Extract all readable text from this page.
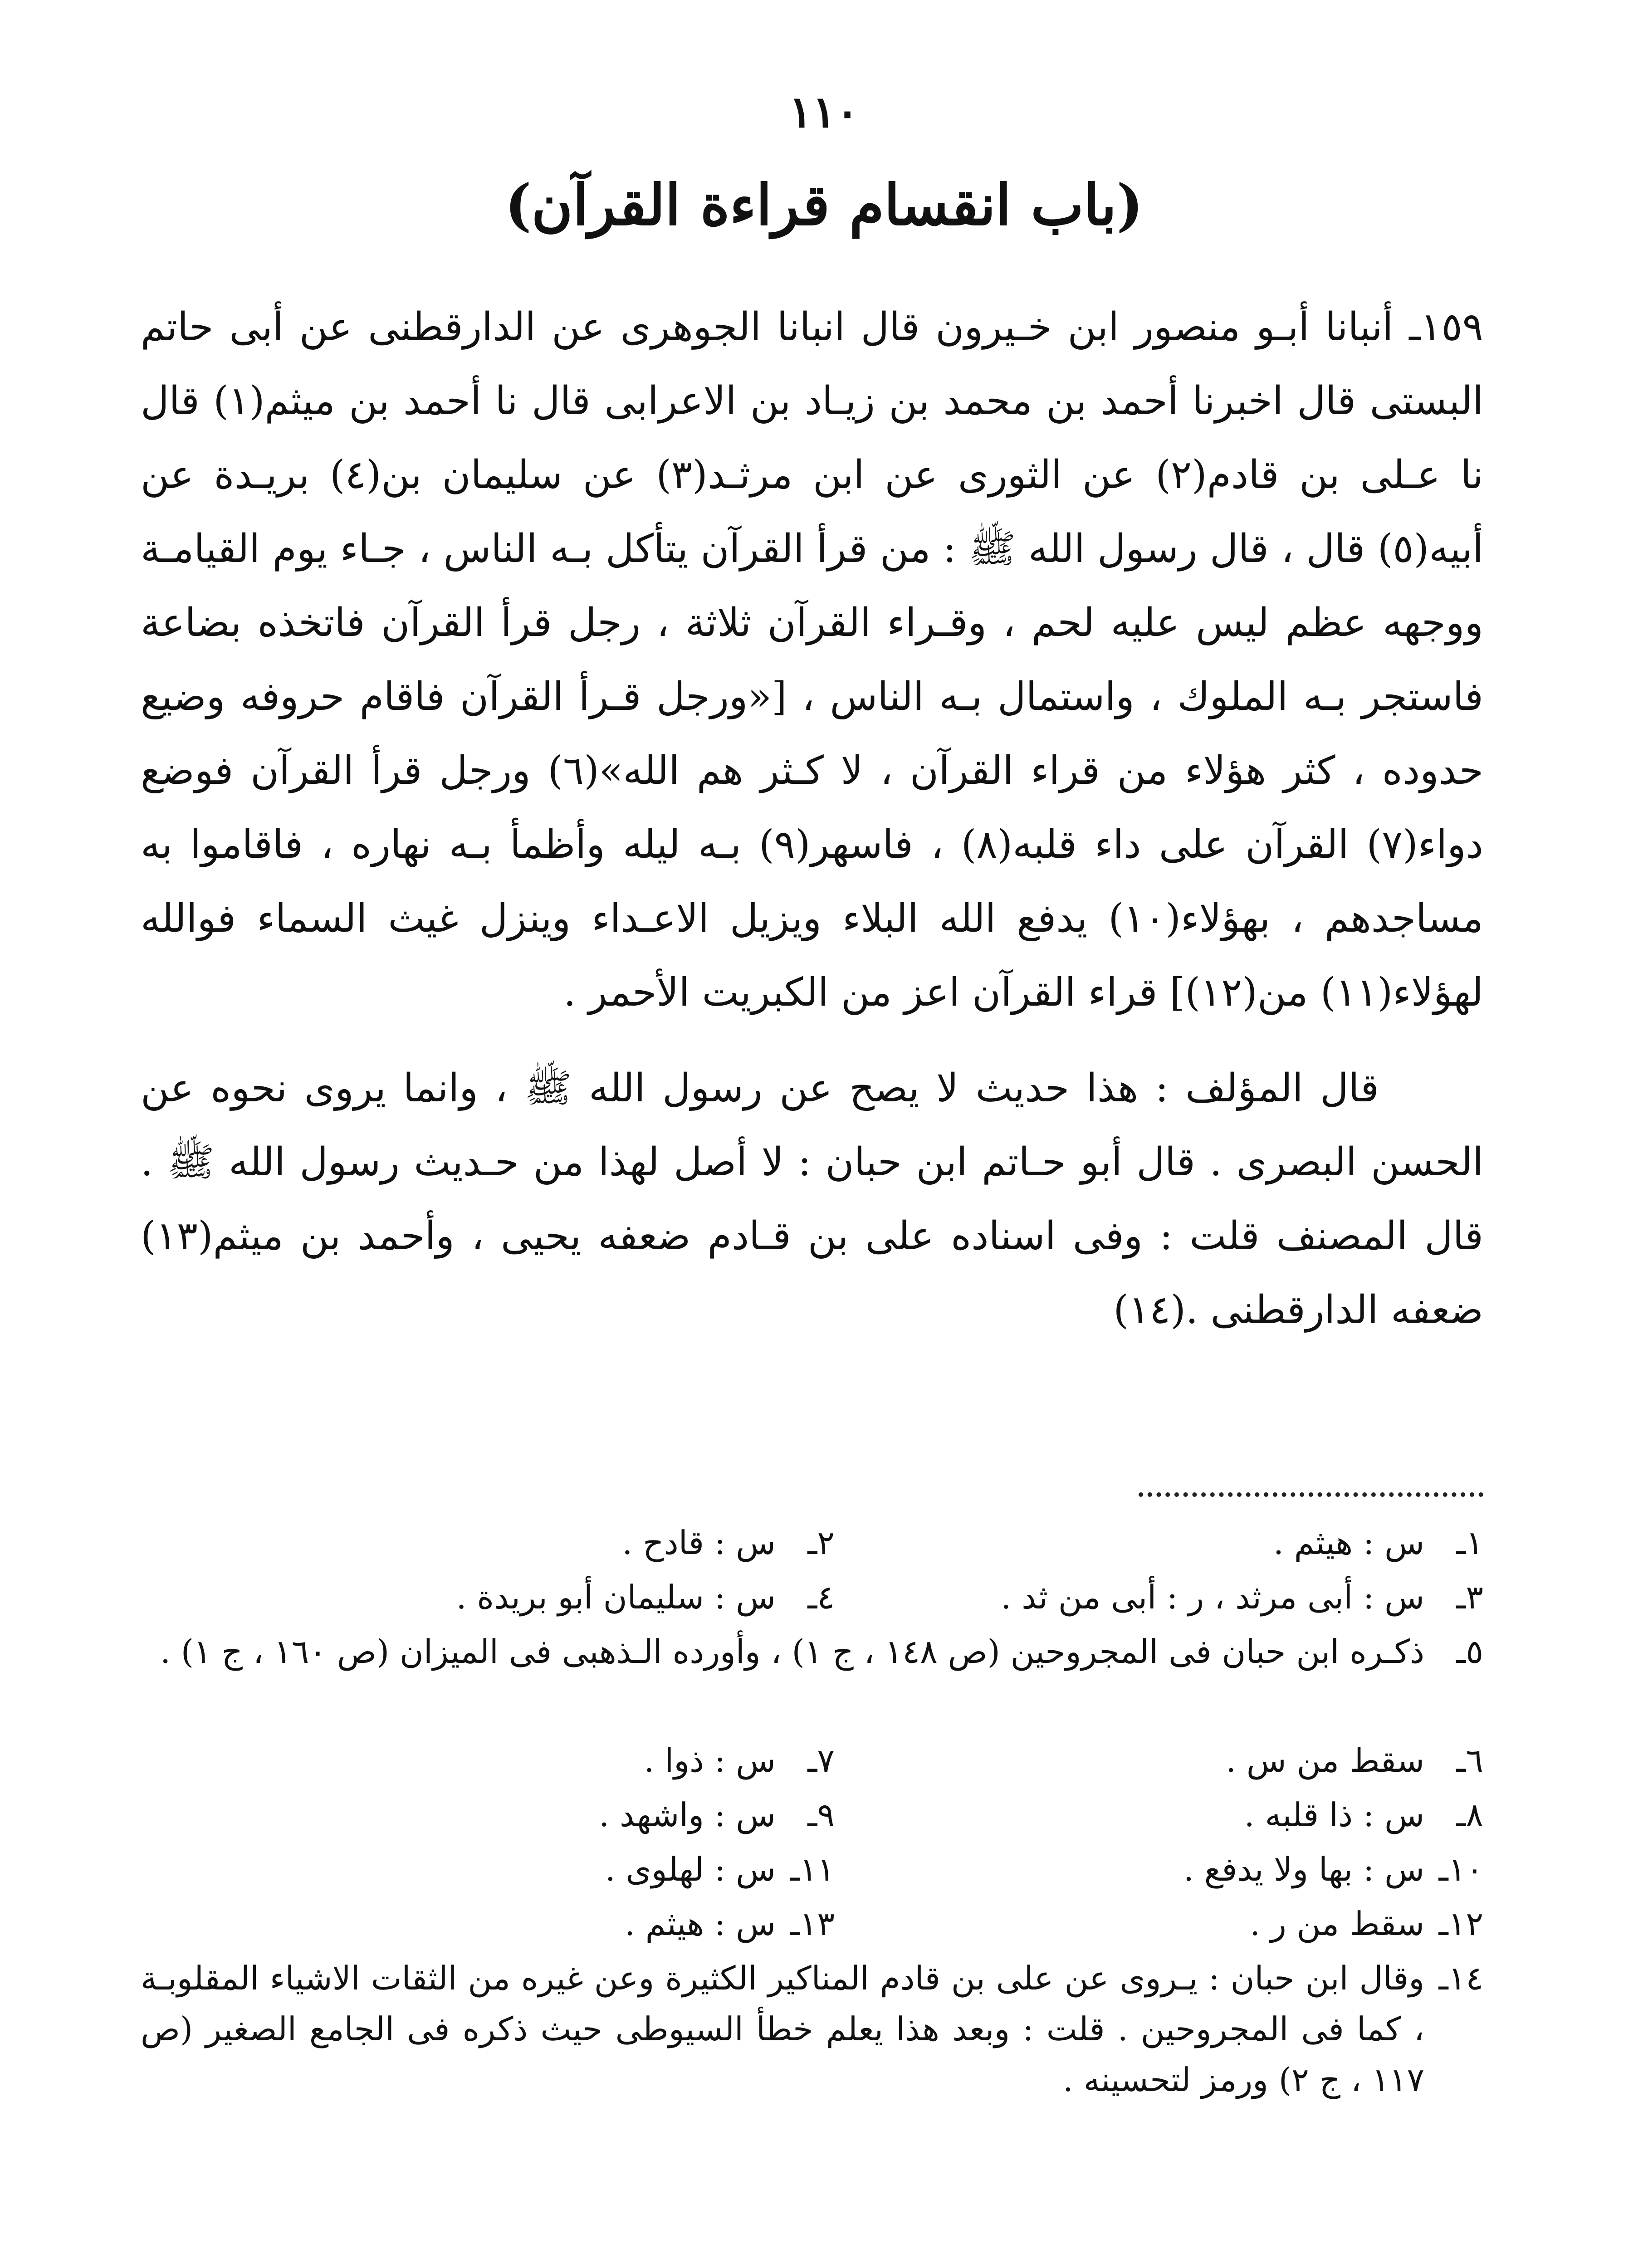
١١٠
(باب انقسام قراءة القرآن)

١٥٩ـ أنبانا أبـو منصور ابن خـيرون قال انبانا الجوهرى عن الدارقطنى عن أبى حاتم البستى قال اخبرنا أحمد بن محمد بن زيـاد بن الاعرابى قال نا أحمد بن ميثم(١) قال نا عـلى بن قادم(٢) عن الثورى عن ابن مرثـد(٣) عن سليمان بن(٤) بريـدة عن أبيه(٥) قال ، قال رسول الله ﷺ : من قرأ القرآن يتأكل بـه الناس ، جـاء يوم القيامـة ووجهه عظم ليس عليه لحم ، وقـراء القرآن ثلاثة ، رجل قرأ القرآن فاتخذه بضاعة فاستجر بـه الملوك ، واستمال بـه الناس ، [«ورجل قـرأ القرآن فاقام حروفه وضيع حدوده ، كثر هؤلاء من قراء القرآن ، لا كـثر هم الله»(٦) ورجل قرأ القرآن فوضع دواء(٧) القرآن على داء قلبه(٨) ، فاسهر(٩) بـه ليله وأظمأ بـه نهاره ، فاقاموا به مساجدهم ، بهؤلاء(١٠) يدفع الله البلاء ويزيل الاعـداء وينزل غيث السماء فوالله لهؤلاء(١١) من(١٢)] قراء القرآن اعز من الكبريت الأحمر .

قال المؤلف : هذا حديث لا يصح عن رسول الله ﷺ ، وانما يروى نحوه عن الحسن البصرى . قال أبو حـاتم ابن حبان : لا أصل لهذا من حـديث رسول الله ﷺ . قال المصنف قلت : وفى اسناده على بن قـادم ضعفه يحيى ، وأحمد بن ميثم(١٣) ضعفه الدارقطنى .(١٤)

١ـ
س : هيثم .
٢ـ
س : قادح .
٣ـ
س : أبى مرثد ، ر : أبى من ثد .
٤ـ
س : سليمان أبو بريدة .
٥ـ
ذكـره ابن حبان فى المجروحين (ص ١٤٨ ، ج ١) ، وأورده الـذهبى فى الميزان (ص ١٦٠ ، ج ١) .
٦ـ
سقط من س .
٧ـ
س : ذوا .
٨ـ
س : ذا قلبه .
٩ـ
س : واشهد .
١٠ـ
س : بها ولا يدفع .
١١ـ
س : لهلوى .
١٢ـ
سقط من ر .
١٣ـ
س : هيثم .
١٤ـ
وقال ابن حبان : يـروى عن على بن قادم المناكير الكثيرة وعن غيره من الثقات الاشياء المقلوبـة ، كما فى المجروحين . قلت : وبعد هذا يعلم خطأ السيوطى حيث ذكره فى الجامع الصغير (ص ١١٧ ، ج ٢) ورمز لتحسينه .
